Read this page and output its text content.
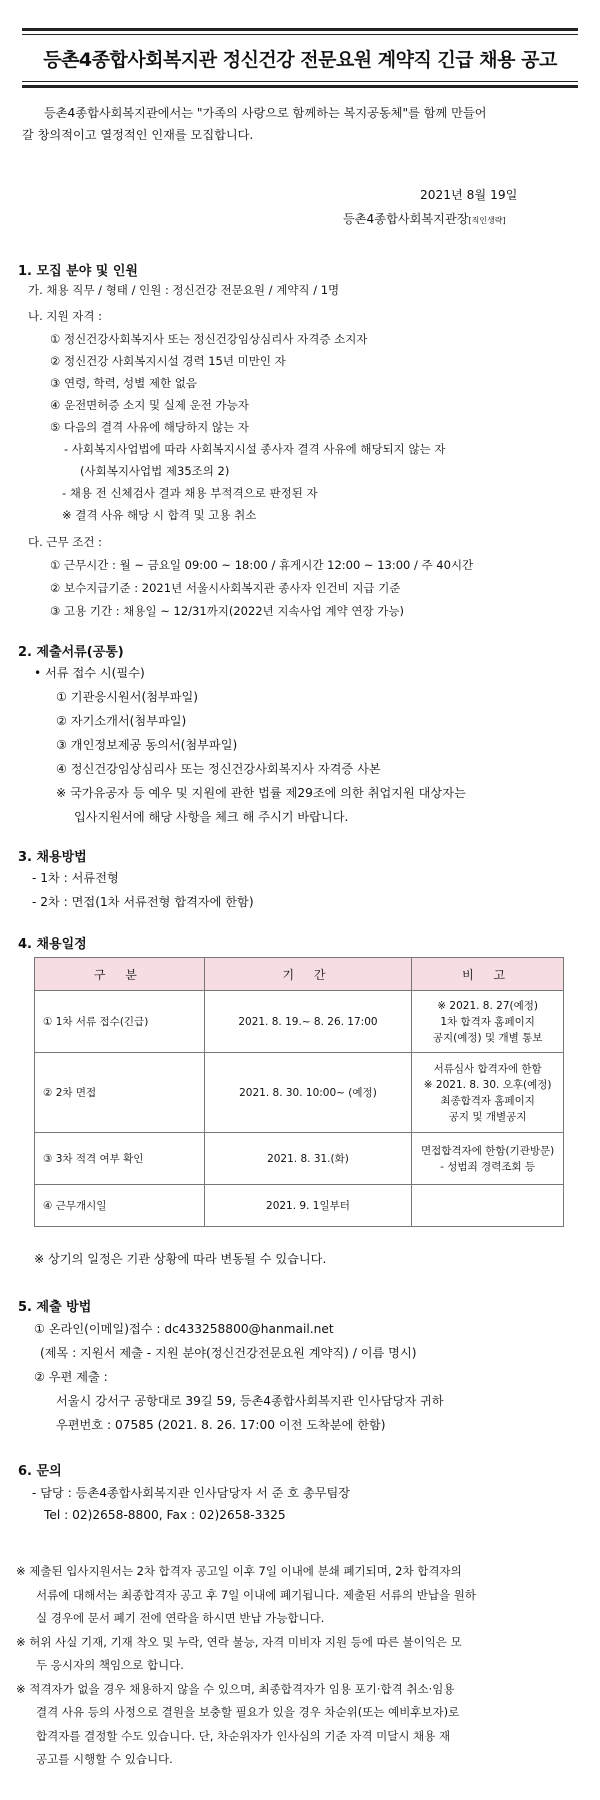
등촌4종합사회복지관 정신건강 전문요원 계약직 긴급 채용 공고
등촌4종합사회복지관에서는 "가족의 사랑으로 함께하는 복지공동체"를 함께 만들어
갈 창의적이고 열정적인 인재를 모집합니다.
2021년 8월 19일
등촌4종합사회복지관장[직인생략]
1. 모집 분야 및 인원
가. 채용 직무 / 형태 / 인원 : 정신건강 전문요원 / 계약직 / 1명
나. 지원 자격 :
① 정신건강사회복지사 또는 정신건강임상심리사 자격증 소지자
② 정신건강 사회복지시설 경력 15년 미만인 자
③ 연령, 학력, 성별 제한 없음
④ 운전면허증 소지 및 실제 운전 가능자
⑤ 다음의 결격 사유에 해당하지 않는 자
- 사회복지사업법에 따라 사회복지시설 종사자 결격 사유에 해당되지 않는 자
(사회복지사업법 제35조의 2)
- 채용 전 신체검사 결과 채용 부적격으로 판정된 자
※ 결격 사유 해당 시 합격 및 고용 취소
다. 근무 조건 :
① 근무시간 : 월 ~ 금요일 09:00 ~ 18:00 / 휴게시간 12:00 ~ 13:00 / 주 40시간
② 보수지급기준 : 2021년 서울시사회복지관 종사자 인건비 지급 기준
③ 고용 기간 : 채용일 ~ 12/31까지(2022년 지속사업 계약 연장 가능)
2. 제출서류(공통)
• 서류 접수 시(필수)
① 기관응시원서(첨부파일)
② 자기소개서(첨부파일)
③ 개인정보제공 동의서(첨부파일)
④ 정신건강임상심리사 또는 정신건강사회복지사 자격증 사본
※ 국가유공자 등 예우 및 지원에 관한 법률 제29조에 의한 취업지원 대상자는
입사지원서에 해당 사항을 체크 해 주시기 바랍니다.
3. 채용방법
- 1차 : 서류전형
- 2차 : 면접(1차 서류전형 합격자에 한함)
4. 채용일정
구 분	기 간	비 고
① 1차 서류 접수(긴급)	2021. 8. 19.~ 8. 26. 17:00	※ 2021. 8. 27(예정)
1차 합격자 홈페이지
공지(예정) 및 개별 통보

② 2차 면접	2021. 8. 30. 10:00~ (예정)	서류심사 합격자에 한함
※ 2021. 8. 30. 오후(예정)
최종합격자 홈페이지
공지 및 개별공지

③ 3차 적격 여부 확인	2021. 8. 31.(화)	면접합격자에 한함(기관방문)
- 성범죄 경력조회 등

④ 근무개시일	2021. 9. 1일부터	
※ 상기의 일정은 기관 상황에 따라 변동될 수 있습니다.
5. 제출 방법
① 온라인(이메일)접수 : dc433258800@hanmail.net
(제목 : 지원서 제출 - 지원 분야(정신건강전문요원 계약직) / 이름 명시)
② 우편 제출 :
서울시 강서구 공항대로 39길 59, 등촌4종합사회복지관 인사담당자 귀하
우편번호 : 07585 (2021. 8. 26. 17:00 이전 도착분에 한함)
6. 문의
- 담당 : 등촌4종합사회복지관 인사담당자 서 준 호 총무팀장
Tel : 02)2658-8800, Fax : 02)2658-3325

※ 제출된 입사지원서는 2차 합격자 공고일 이후 7일 이내에 분쇄 폐기되며, 2차 합격자의

서류에 대해서는 최종합격자 공고 후 7일 이내에 폐기됩니다. 제출된 서류의 반납을 원하

실 경우에 문서 폐기 전에 연락을 하시면 반납 가능합니다.

※ 허위 사실 기재, 기재 착오 및 누락, 연락 불능, 자격 미비자 지원 등에 따른 불이익은 모

두 응시자의 책임으로 합니다.

※ 적격자가 없을 경우 채용하지 않을 수 있으며, 최종합격자가 임용 포기·합격 취소·임용

결격 사유 등의 사정으로 결원을 보충할 필요가 있을 경우 차순위(또는 예비후보자)로

합격자를 결정할 수도 있습니다. 단, 차순위자가 인사심의 기준 자격 미달시 채용 재

공고를 시행할 수 있습니다.
